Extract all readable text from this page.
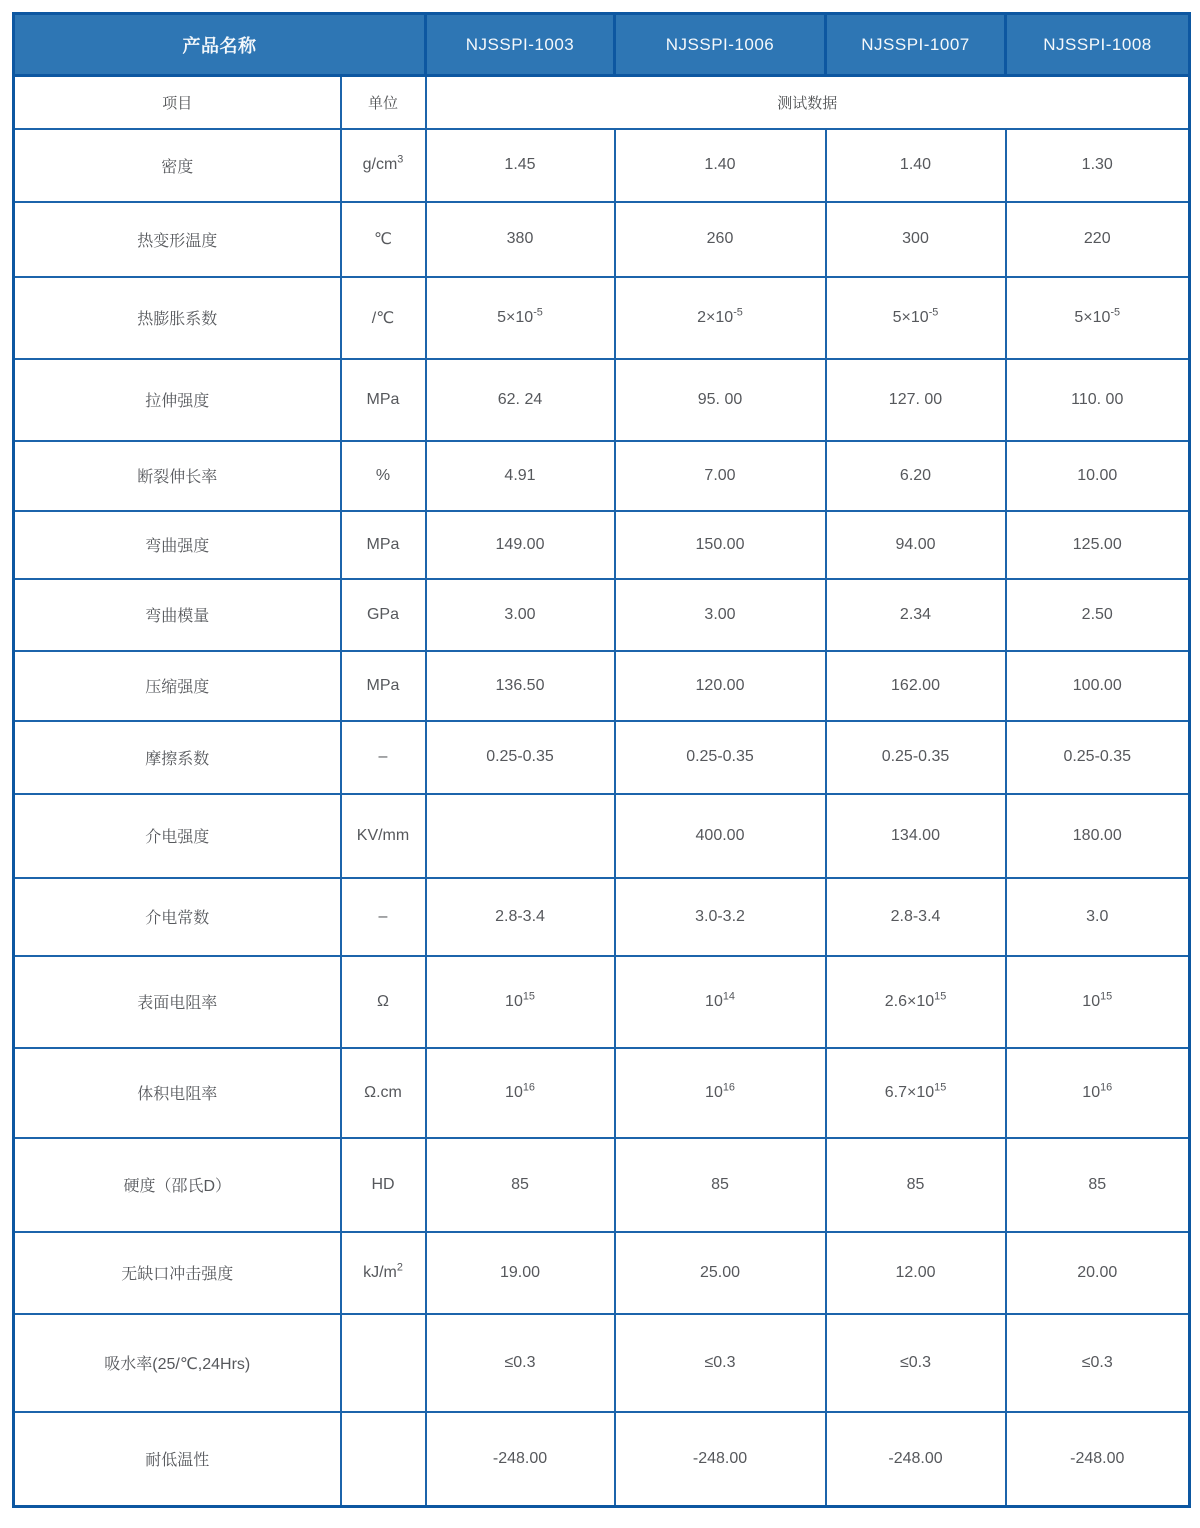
产品名称		NJSSPI-1003	NJSSPI-1006	NJSSPI-1007	NJSSPI-1008
项目	单位	测试数据			
密度	$g/cm^3$	1.45	1.40	1.40	1.30
热变形温度	℃	380	260	300	220
热膨胀系数	/℃	$5\times 10^{-5}$	$2\times 10^{-5}$	$5\times 10^{-5}$	$5\times 10^{-5}$
拉伸强度	MPa	62. 24	95. 00	127. 00	110. 00
断裂伸长率	%	4.91	7.00	6.20	10.00
弯曲强度	MPa	149.00	150.00	94.00	125.00
弯曲模量	GPa	3.00	3.00	2.34	2.50
压缩强度	MPa	136.50	120.00	162.00	100.00
摩擦系数	–	0.25-0.35	0.25-0.35	0.25-0.35	0.25-0.35
介电强度	KV/mm		400.00	134.00	180.00
介电常数	–	2.8-3.4	3.0-3.2	2.8-3.4	3.0
表面电阻率	Ω	$10^{15}$	$10^{14}$	$2.6\times 10^{15}$	$10^{15}$
体积电阻率	Ω.cm	$10^{16}$	$10^{16}$	$6.7\times 10^{15}$	$10^{16}$
硬度（邵氏D）	HD	85	85	85	85
无缺口冲击强度	$kJ/m^2$	19.00	25.00	12.00	20.00
吸水率(25/℃,24Hrs)		≤0.3	≤0.3	≤0.3	≤0.3
耐低温性		-248.00	-248.00	-248.00	-248.00
